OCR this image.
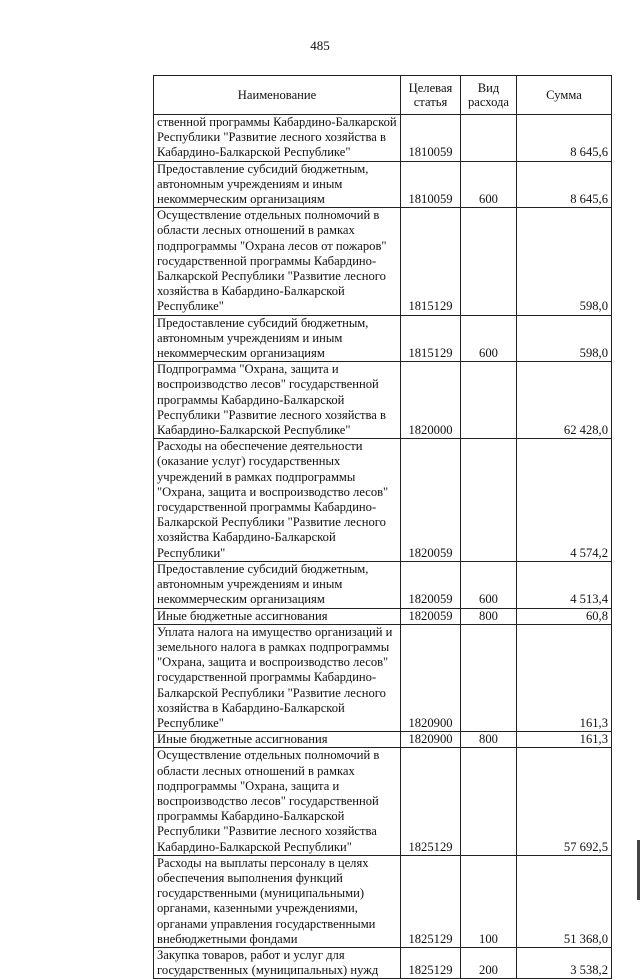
485
Наименование	Целевая статья	Вид расхода	Сумма
ственной программы Кабардино-Балкарской Республики "Развитие лесного хозяйства в Кабардино-Балкарской Республике"	1810059		8 645,6
Предоставление субсидий бюджетным, автономным учреждениям и иным некоммерческим организациям	1810059	600	8 645,6
Осуществление отдельных полномочий в области лесных отношений в рамках подпрограммы "Охрана лесов от пожаров" государственной программы Кабардино-Балкарской Республики "Развитие лесного хозяйства в Кабардино-Балкарской Республике"	1815129		598,0
Предоставление субсидий бюджетным, автономным учреждениям и иным некоммерческим организациям	1815129	600	598,0
Подпрограмма "Охрана, защита и воспроизводство лесов" государственной программы Кабардино-Балкарской Республики "Развитие лесного хозяйства в Кабардино-Балкарской Республике"	1820000		62 428,0
Расходы на обеспечение деятельности (оказание услуг) государственных учреждений в рамках подпрограммы "Охрана, защита и воспроизводство лесов" государственной программы Кабардино-Балкарской Республики "Развитие лесного хозяйства Кабардино-Балкарской Республики"	1820059		4 574,2
Предоставление субсидий бюджетным, автономным учреждениям и иным некоммерческим организациям	1820059	600	4 513,4
Иные бюджетные ассигнования	1820059	800	60,8
Уплата налога на имущество организаций и земельного налога в рамках подпрограммы "Охрана, защита и воспроизводство лесов" государственной программы Кабардино-Балкарской Республики "Развитие лесного хозяйства в Кабардино-Балкарской Республике"	1820900		161,3
Иные бюджетные ассигнования	1820900	800	161,3
Осуществление отдельных полномочий в области лесных отношений в рамках подпрограммы "Охрана, защита и воспроизводство лесов" государственной программы Кабардино-Балкарской Республики "Развитие лесного хозяйства Кабардино-Балкарской Республики"	1825129		57 692,5
Расходы на выплаты персоналу в целях обеспечения выполнения функций государственными (муниципальными) органами, казенными учреждениями, органами управления государственными внебюджетными фондами	1825129	100	51 368,0
Закупка товаров, работ и услуг для государственных (муниципальных) нужд	1825129	200	3 538,2
